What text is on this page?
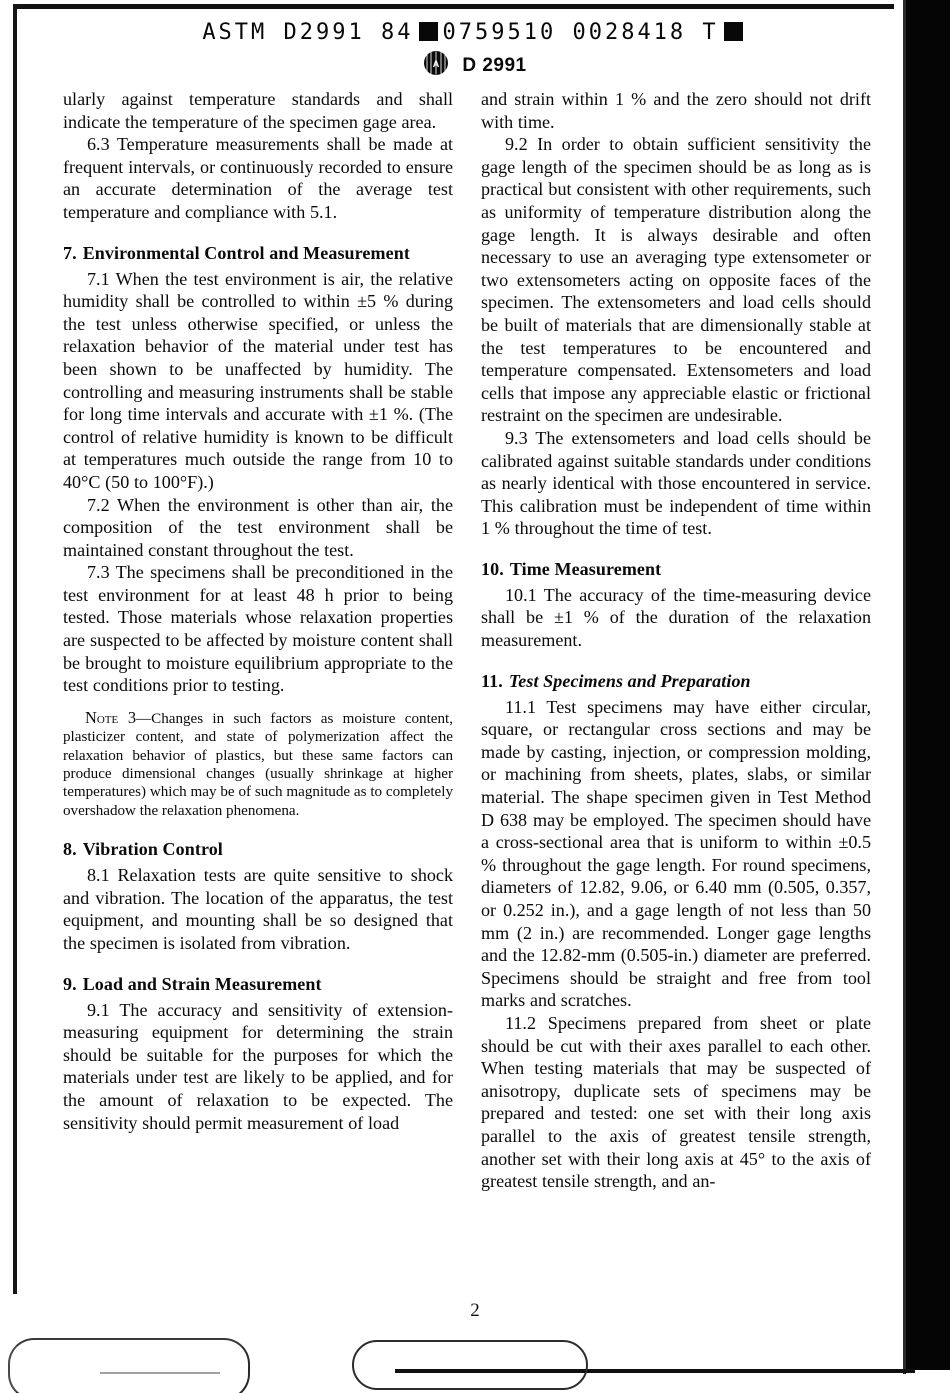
ASTM D2991 84 0759510 0028418 T
A D 2991

ularly against temperature standards and shall indicate the temperature of the specimen gage area.

6.3 Temperature measurements shall be made at frequent intervals, or continuously recorded to ensure an accurate determination of the average test temperature and compliance with 5.1.

7. Environmental Control and Measurement

7.1 When the test environment is air, the relative humidity shall be controlled to within ±5 % during the test unless otherwise specified, or unless the relaxation behavior of the material under test has been shown to be unaffected by humidity. The controlling and measuring instruments shall be stable for long time intervals and accurate with ±1 %. (The control of relative humidity is known to be difficult at temperatures much outside the range from 10 to 40°C (50 to 100°F).)

7.2 When the environment is other than air, the composition of the test environment shall be maintained constant throughout the test.

7.3 The specimens shall be preconditioned in the test environment for at least 48 h prior to being tested. Those materials whose relaxation properties are suspected to be affected by moisture content shall be brought to moisture equilibrium appropriate to the test conditions prior to testing.

Note 3—Changes in such factors as moisture content, plasticizer content, and state of polymerization affect the relaxation behavior of plastics, but these same factors can produce dimensional changes (usually shrinkage at higher temperatures) which may be of such magnitude as to completely overshadow the relaxation phenomena.

8. Vibration Control

8.1 Relaxation tests are quite sensitive to shock and vibration. The location of the apparatus, the test equipment, and mounting shall be so designed that the specimen is isolated from vibration.

9. Load and Strain Measurement

9.1 The accuracy and sensitivity of extension-measuring equipment for determining the strain should be suitable for the purposes for which the materials under test are likely to be applied, and for the amount of relaxation to be expected. The sensitivity should permit measurement of load

and strain within 1 % and the zero should not drift with time.

9.2 In order to obtain sufficient sensitivity the gage length of the specimen should be as long as is practical but consistent with other requirements, such as uniformity of temperature distribution along the gage length. It is always desirable and often necessary to use an averaging type extensometer or two extensometers acting on opposite faces of the specimen. The extensometers and load cells should be built of materials that are dimensionally stable at the test temperatures to be encountered and temperature compensated. Extensometers and load cells that impose any appreciable elastic or frictional restraint on the specimen are undesirable.

9.3 The extensometers and load cells should be calibrated against suitable standards under conditions as nearly identical with those encountered in service. This calibration must be independent of time within 1 % throughout the time of test.

10. Time Measurement

10.1 The accuracy of the time-measuring device shall be ±1 % of the duration of the relaxation measurement.

11. Test Specimens and Preparation

11.1 Test specimens may have either circular, square, or rectangular cross sections and may be made by casting, injection, or compression molding, or machining from sheets, plates, slabs, or similar material. The shape specimen given in Test Method D 638 may be employed. The specimen should have a cross-sectional area that is uniform to within ±0.5 % throughout the gage length. For round specimens, diameters of 12.82, 9.06, or 6.40 mm (0.505, 0.357, or 0.252 in.), and a gage length of not less than 50 mm (2 in.) are recommended. Longer gage lengths and the 12.82-mm (0.505-in.) diameter are preferred. Specimens should be straight and free from tool marks and scratches.

11.2 Specimens prepared from sheet or plate should be cut with their axes parallel to each other. When testing materials that may be suspected of anisotropy, duplicate sets of specimens may be prepared and tested: one set with their long axis parallel to the axis of greatest tensile strength, another set with their long axis at 45° to the axis of greatest tensile strength, and an-

2
